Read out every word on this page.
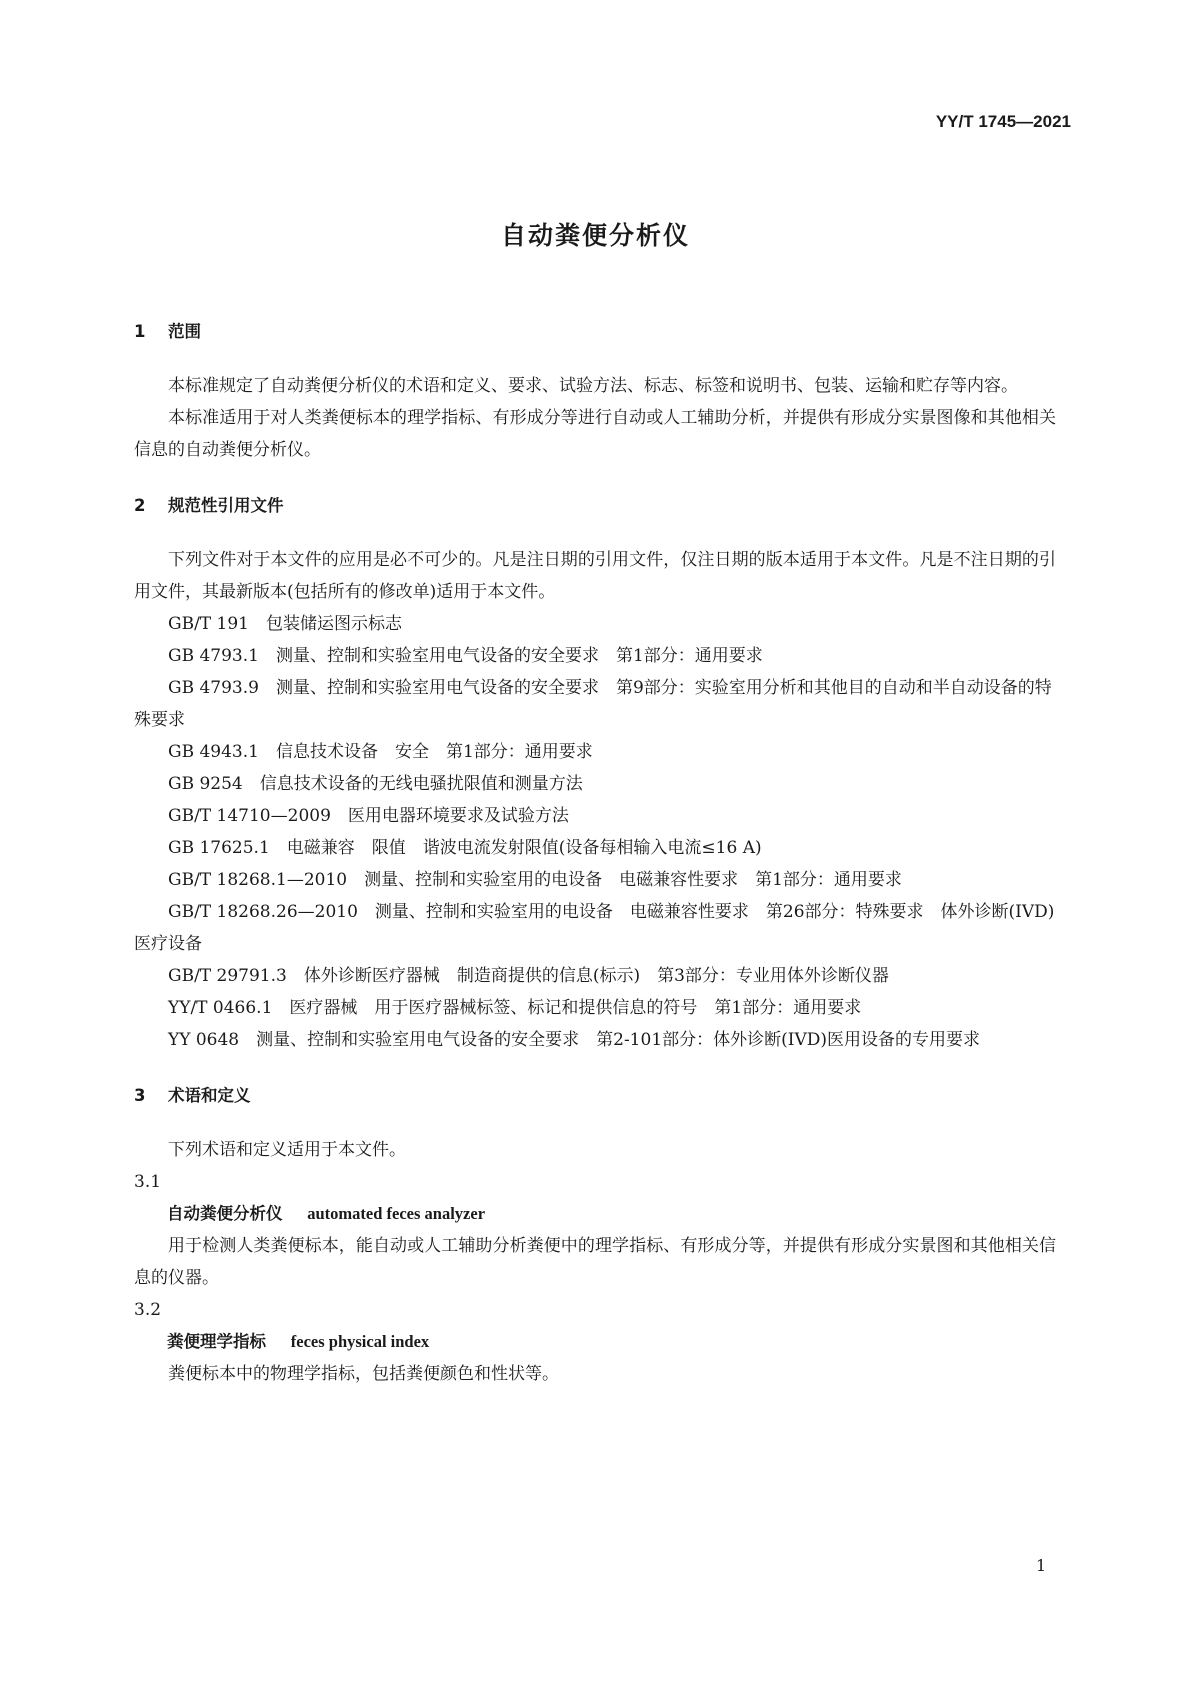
YY/T 1745—2021
自动粪便分析仪
1 范围
本标准规定了自动粪便分析仪的术语和定义、要求、试验方法、标志、标签和说明书、包装、运输和贮存等内容。
本标准适用于对人类粪便标本的理学指标、有形成分等进行自动或人工辅助分析，并提供有形成分实景图像和其他相关信息的自动粪便分析仪。
2 规范性引用文件
下列文件对于本文件的应用是必不可少的。凡是注日期的引用文件，仅注日期的版本适用于本文件。凡是不注日期的引用文件，其最新版本(包括所有的修改单)适用于本文件。
GB/T 191 包装储运图示标志
GB 4793.1 测量、控制和实验室用电气设备的安全要求　第1部分：通用要求
GB 4793.9 测量、控制和实验室用电气设备的安全要求　第9部分：实验室用分析和其他目的自动和半自动设备的特殊要求
GB 4943.1 信息技术设备　安全　第1部分：通用要求
GB 9254 信息技术设备的无线电骚扰限值和测量方法
GB/T 14710—2009 医用电器环境要求及试验方法
GB 17625.1 电磁兼容　限值　谐波电流发射限值(设备每相输入电流≤16 A)
GB/T 18268.1—2010 测量、控制和实验室用的电设备　电磁兼容性要求　第1部分：通用要求
GB/T 18268.26—2010 测量、控制和实验室用的电设备　电磁兼容性要求　第26部分：特殊要求　体外诊断(IVD)医疗设备
GB/T 29791.3 体外诊断医疗器械　制造商提供的信息(标示)　第3部分：专业用体外诊断仪器
YY/T 0466.1 医疗器械　用于医疗器械标签、标记和提供信息的符号　第1部分：通用要求
YY 0648 测量、控制和实验室用电气设备的安全要求　第2-101部分：体外诊断(IVD)医用设备的专用要求
3 术语和定义
下列术语和定义适用于本文件。
3.1
自动粪便分析仪 automated feces analyzer
用于检测人类粪便标本，能自动或人工辅助分析粪便中的理学指标、有形成分等，并提供有形成分实景图和其他相关信息的仪器。
3.2
粪便理学指标 feces physical index
粪便标本中的物理学指标，包括粪便颜色和性状等。
1
